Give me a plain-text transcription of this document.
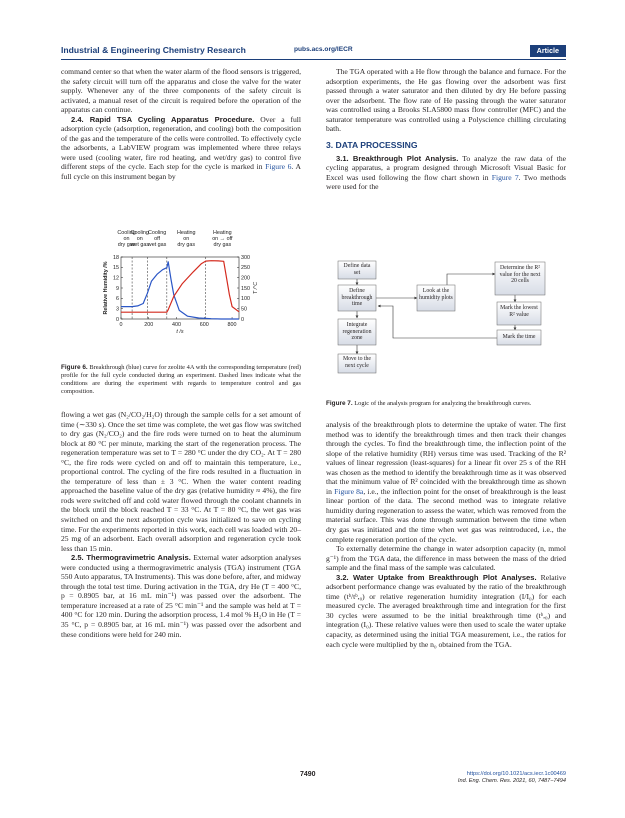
Industrial & Engineering Chemistry Research	pubs.acs.org/IECR	Article

command center so that when the water alarm of the flood sensors is triggered, the safety circuit will turn off the apparatus and close the valve for the water supply. Whenever any of the three components of the safety circuit is activated, a manual reset of the circuit is required before the operation of the apparatus can continue.

2.4. Rapid TSA Cycling Apparatus Procedure. Over a full adsorption cycle (adsorption, regeneration, and cooling) both the composition of the gas and the temperature of the cells were controlled. To effectively cycle the adsorbents, a LabVIEW program was implemented where three relays were used (cooling water, fire rod heating, and wet/dry gas) to control five different steps of the cycle. Each step for the cycle is marked in Figure 6. A full cycle on this instrument began by

Cooling
on
dry gas
Cooling
on
wet gas
Cooling
off
wet gas
Heating
on
dry gas
Heating
on → off
dry gas
0
3
6
9
12
15
18
0
50
100
150
200
250
300
0	200	400	600	800
t /s
Relative Humidity /%	T /°C

Figure 6. Breakthrough (blue) curve for zeolite 4A with the corresponding temperature (red) profile for the full cycle conducted during an experiment. Dashed lines indicate what the conditions are during the experiment with regards to temperature control and gas composition.

flowing a wet gas (N₂/CO₂/H₂O) through the sample cells for a set amount of time (∼330 s). Once the set time was complete, the wet gas flow was switched to dry gas (N₂/CO₂) and the fire rods were turned on to heat the aluminum block at 80 °C per minute, marking the start of the regeneration process. The regeneration temperature was set to T = 280 °C under the dry CO₂. At T = 280 °C, the fire rods were cycled on and off to maintain this temperature, i.e., proportional control. The cycling of the fire rods resulted in a fluctuation in the temperature of less than ± 3 °C. When the water content reading approached the baseline value of the dry gas (relative humidity ≈ 4%), the fire rods were switched off and cold water flowed through the coolant channels in the block until the block reached T = 33 °C. At T = 80 °C, the wet gas was switched on and the next adsorption cycle was initialized to save on cycling time. For the experiments reported in this work, each cell was loaded with 20–25 mg of an adsorbent. Each overall adsorption and regeneration cycle took less than 15 min.

2.5. Thermogravimetric Analysis. External water adsorption analyses were conducted using a thermogravimetric analysis (TGA) instrument (TGA 550 Auto apparatus, TA Instruments). This was done before, after, and midway through the total test time. During activation in the TGA, dry He (T = 400 °C, p = 0.8905 bar, at 16 mL min⁻¹) was passed over the adsorbent. The temperature increased at a rate of 25 °C min⁻¹ and the sample was held at T = 400 °C for 120 min. During the adsorption process, 1.4 mol % H₂O in He (T = 35 °C, p = 0.8905 bar, at 16 mL min⁻¹) was passed over the adsorbent and these conditions were held for 240 min.

The TGA operated with a He flow through the balance and furnace. For the adsorption experiments, the He gas flowing over the adsorbent was first passed through a water saturator and then diluted by dry He before passing over the adsorbent. The flow rate of He passing through the water saturator was controlled using a Brooks SLA5800 mass flow controller (MFC) and the saturator temperature was controlled using a Polyscience chilling circulating bath.

3. DATA PROCESSING

3.1. Breakthrough Plot Analysis. To analyze the raw data of the cycling apparatus, a program designed through Microsoft Visual Basic for Excel was used following the flow chart shown in Figure 7. Two methods were used for the

Define data set
Define breakthrough time
Integrate regeneration zone
Move to the next cycle
Look at the humidity plots
Determine the R² value for the next 20 cells
Mark the lowest R² value
Mark the time

Figure 7. Logic of the analysis program for analyzing the breakthrough curves.

analysis of the breakthrough plots to determine the uptake of water. The first method was to identify the breakthrough times and then track their changes through the cycles. To find the breakthrough time, the inflection point of the slope of the relative humidity (RH) versus time was used. Tracking of the R² values of linear regression (least-squares) for a linear fit over 25 s of the RH was chosen as the method to identify the breakthrough time as it was observed that the minimum value of R² coincided with the breakthrough time as shown in Figure 8a, i.e., the inflection point for the onset of breakthrough is the least linear portion of the data. The second method was to integrate relative humidity during regeneration to assess the water, which was removed from the material surface. This was done through summation between the time when dry gas was initiated and the time when wet gas was reintroduced, i.e., the complete regeneration portion of the cycle.

To externally determine the change in water adsorption capacity (n, mmol g⁻¹) from the TGA data, the difference in mass between the mass of the dried sample and the final mass of the sample was calculated.

3.2. Water Uptake from Breakthrough Plot Analyses. Relative adsorbent performance change was evaluated by the ratio of the breakthrough time (tᵇ/tᵇ,₀) or relative regeneration humidity integration (I/I₀) for each measured cycle. The averaged breakthrough time and integration for the first 30 cycles were assumed to be the initial breakthrough time (tᵇ,₀) and integration (I₀). These relative values were then used to scale the water uptake capacity, as determined using the initial TGA measurement, i.e., the ratios for each cycle were multiplied by the n₀ obtained from the TGA.

7490	https://doi.org/10.1021/acs.iecr.1c00469
Ind. Eng. Chem. Res. 2021, 60, 7487−7494
